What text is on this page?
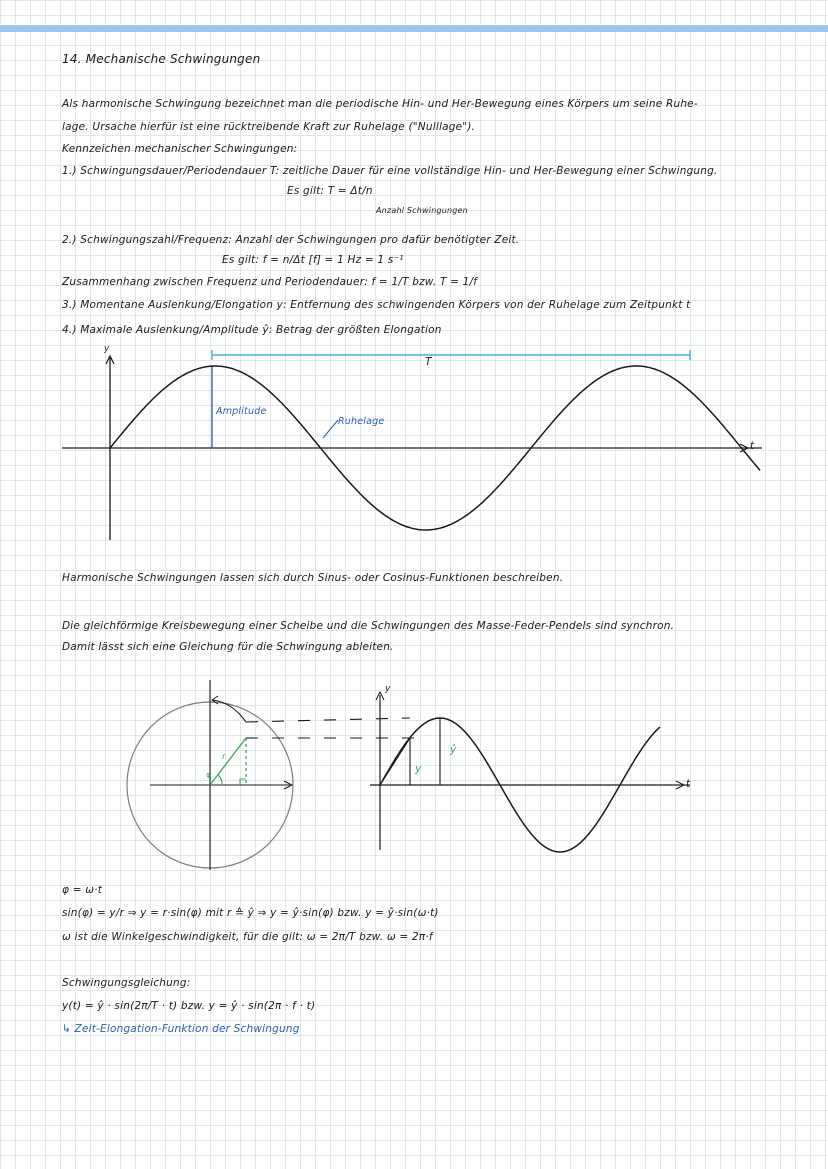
14. Mechanische Schwingungen
Als harmonische Schwingung bezeichnet man die periodische Hin- und Her-Bewegung eines Körpers um seine Ruhe-
lage. Ursache hierfür ist eine rücktreibende Kraft zur Ruhelage ("Nulllage").
Kennzeichen mechanischer Schwingungen:
1.) Schwingungsdauer/Periodendauer T: zeitliche Dauer für eine vollständige Hin- und Her-Bewegung einer Schwingung.
Es gilt: T = Δt/n
Anzahl Schwingungen
2.) Schwingungszahl/Frequenz: Anzahl der Schwingungen pro dafür benötigter Zeit.
Es gilt: f = n/Δt [f] = 1 Hz = 1 s⁻¹
Zusammenhang zwischen Frequenz und Periodendauer: f = 1/T bzw. T = 1/f
3.) Momentane Auslenkung/Elongation y: Entfernung des schwingenden Körpers von der Ruhelage zum Zeitpunkt t
4.) Maximale Auslenkung/Amplitude ŷ: Betrag der größten Elongation
y
t
T
Amplitude
Ruhelage
Harmonische Schwingungen lassen sich durch Sinus- oder Cosinus-Funktionen beschreiben.
Die gleichförmige Kreisbewegung einer Scheibe und die Schwingungen des Masse-Feder-Pendels sind synchron.
Damit lässt sich eine Gleichung für die Schwingung ableiten.
y
t
y
ŷ
r
φ
φ = ω·t
sin(φ) = y/r ⇒ y = r·sin(φ) mit r ≙ ŷ ⇒ y = ŷ·sin(φ) bzw. y = ŷ·sin(ω·t)
ω ist die Winkelgeschwindigkeit, für die gilt: ω = 2π/T bzw. ω = 2π·f
Schwingungsgleichung:
y(t) = ŷ · sin(2π/T · t) bzw. y = ŷ · sin(2π · f · t)
↳ Zeit-Elongation-Funktion der Schwingung
